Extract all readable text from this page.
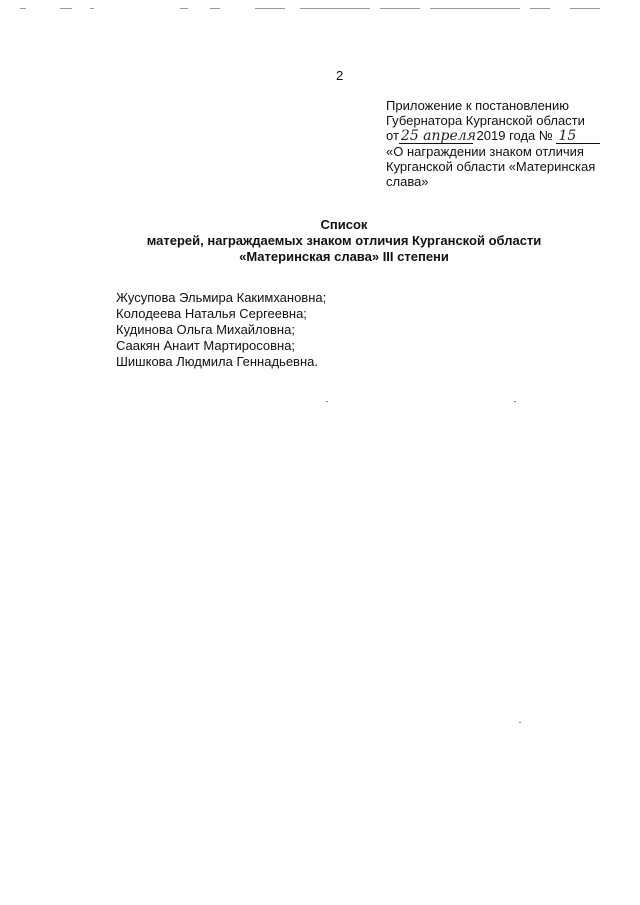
2
Приложение к постановлению
Губернатора Курганской области
от 25 апреля 2019 года № 15
«О награждении знаком отличия
Курганской области «Материнская
слава»
Список
матерей, награждаемых знаком отличия Курганской области
«Материнская слава» III степени
Жусупова Эльмира Какимхановна;
Колодеева Наталья Сергеевна;
Кудинова Ольга Михайловна;
Саакян Анаит Мартиросовна;
Шишкова Людмила Геннадьевна.
